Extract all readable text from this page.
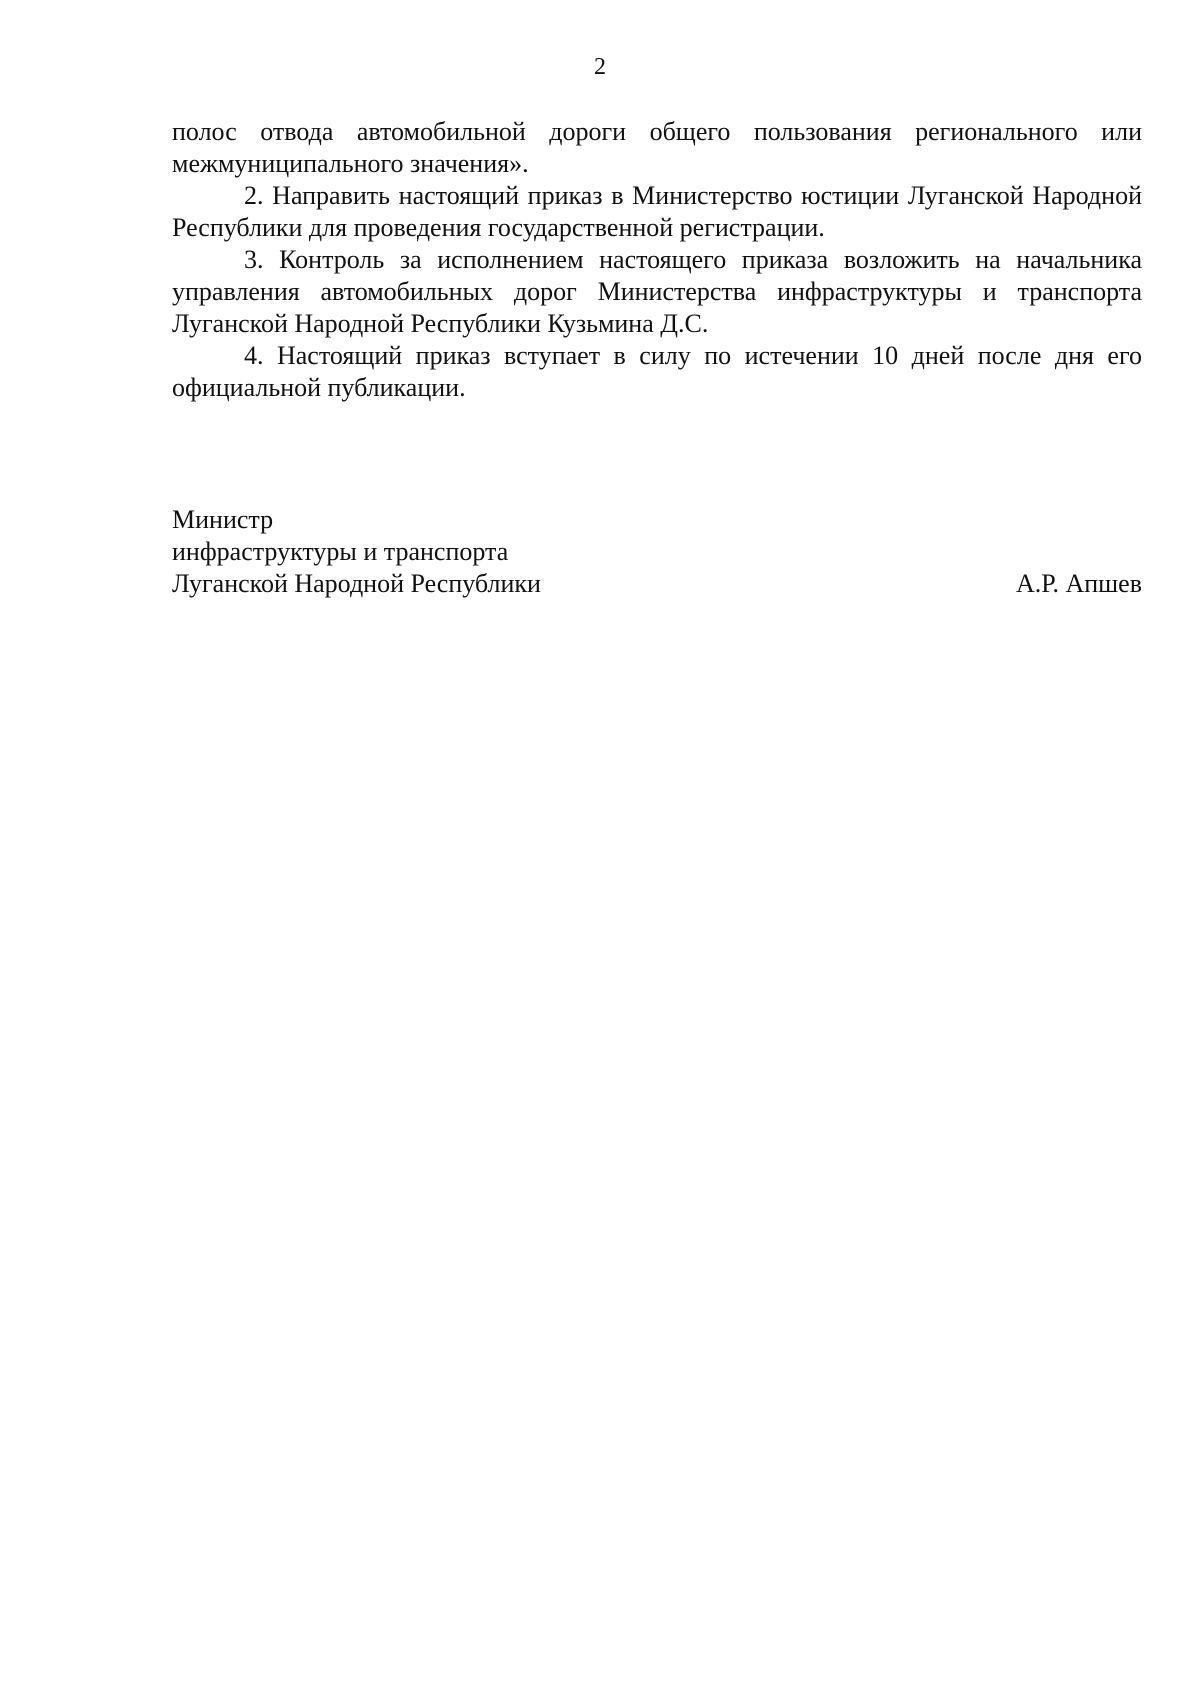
2

полос отвода автомобильной дороги общего пользования регионального или межмуниципального значения».

2. Направить настоящий приказ в Министерство юстиции Луганской Народной Республики для проведения государственной регистрации.

3. Контроль за исполнением настоящего приказа возложить на начальника управления автомобильных дорог Министерства инфраструктуры и транспорта Луганской Народной Республики Кузьмина Д.С.

4. Настоящий приказ вступает в силу по истечении 10 дней после дня его официальной публикации.

Министр
инфраструктуры и транспорта
Луганской Народной Республики	А.Р. Апшев
